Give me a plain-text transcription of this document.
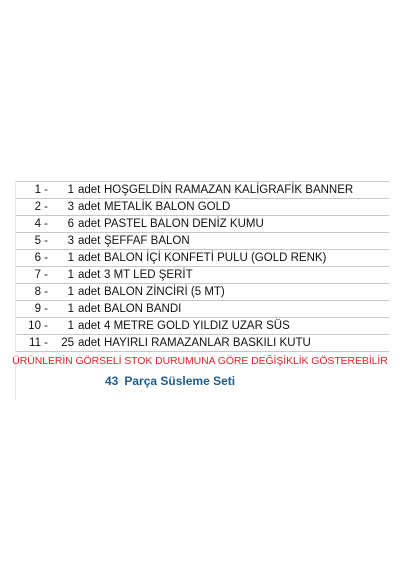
1 -	1 adet HOŞGELDİN RAMAZAN KALİGRAFİK BANNER
2 -	3 adet METALİK BALON GOLD
4 -	6 adet PASTEL BALON DENİZ KUMU
5 -	3 adet ŞEFFAF BALON
6 -	1 adet BALON İÇİ KONFETİ PULU (GOLD RENK)
7 -	1 adet 3 MT LED ŞERİT
8 -	1 adet BALON ZİNCİRİ (5 MT)
9 -	1 adet BALON BANDI
10 -	1 adet 4 METRE GOLD YILDIZ UZAR SÜS
11 -	25 adet HAYIRLI RAMAZANLAR BASKILI KUTU
ÜRÜNLERİN GÖRSELİ STOK DURUMUNA GÖRE DEĞİŞİKLİK GÖSTEREBİLİR
43 Parça Süsleme Seti
